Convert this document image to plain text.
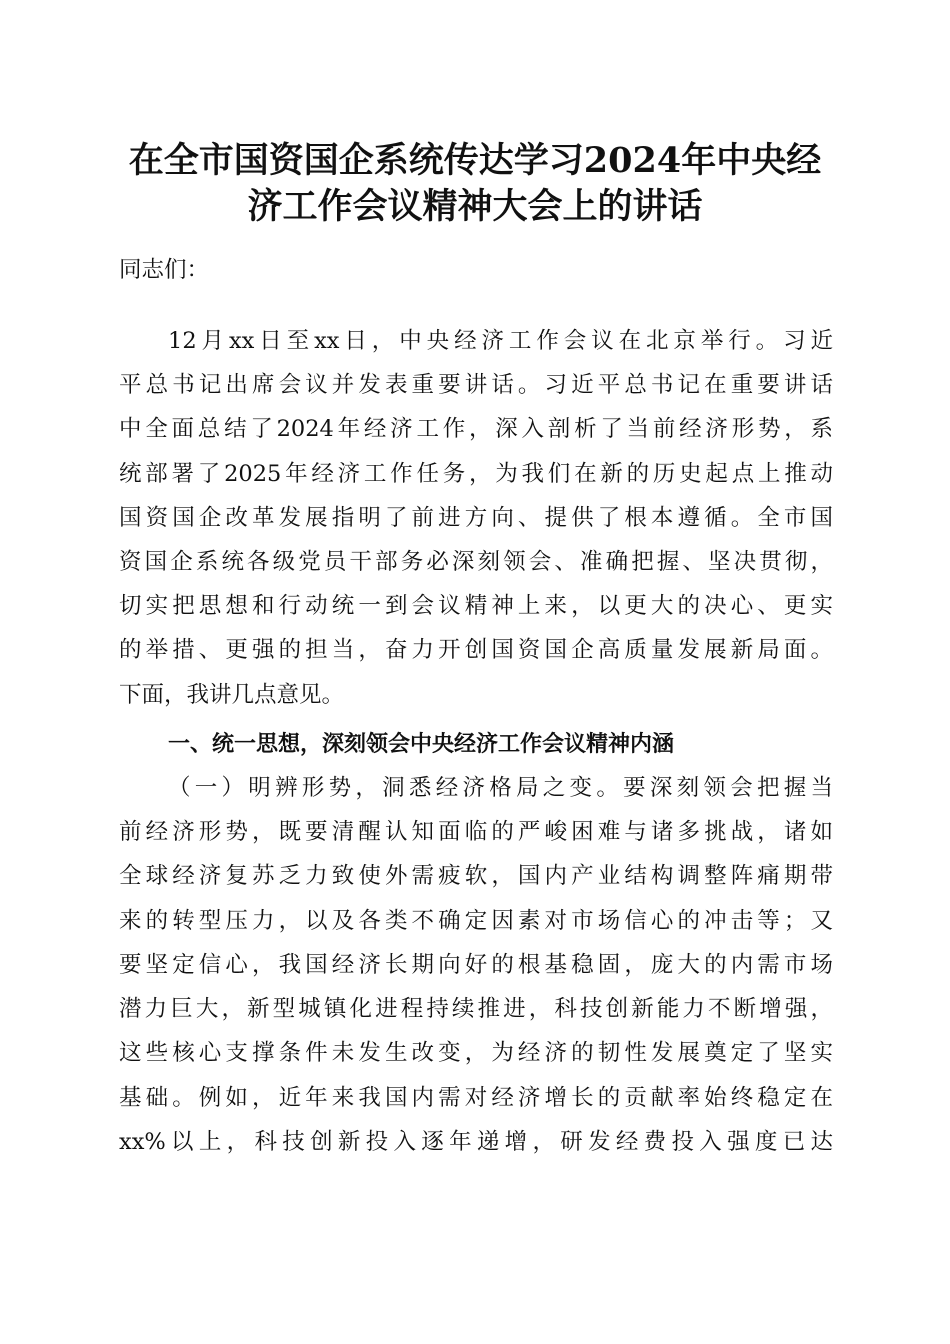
在全市国资国企系统传达学习2024年中央经
济工作会议精神大会上的讲话

同志们：

12月xx日至xx日，中央经济工作会议在北京举行。习近

平总书记出席会议并发表重要讲话。习近平总书记在重要讲话

中全面总结了2024年经济工作，深入剖析了当前经济形势，系

统部署了2025年经济工作任务，为我们在新的历史起点上推动

国资国企改革发展指明了前进方向、提供了根本遵循。全市国

资国企系统各级党员干部务必深刻领会、准确把握、坚决贯彻，

切实把思想和行动统一到会议精神上来，以更大的决心、更实

的举措、更强的担当，奋力开创国资国企高质量发展新局面。

下面，我讲几点意见。

一、统一思想，深刻领会中央经济工作会议精神内涵

（一）明辨形势，洞悉经济格局之变。要深刻领会把握当

前经济形势，既要清醒认知面临的严峻困难与诸多挑战，诸如

全球经济复苏乏力致使外需疲软，国内产业结构调整阵痛期带

来的转型压力，以及各类不确定因素对市场信心的冲击等；又

要坚定信心，我国经济长期向好的根基稳固，庞大的内需市场

潜力巨大，新型城镇化进程持续推进，科技创新能力不断增强，

这些核心支撑条件未发生改变，为经济的韧性发展奠定了坚实

基础。例如，近年来我国内需对经济增长的贡献率始终稳定在

xx%以上，科技创新投入逐年递增，研发经费投入强度已达
